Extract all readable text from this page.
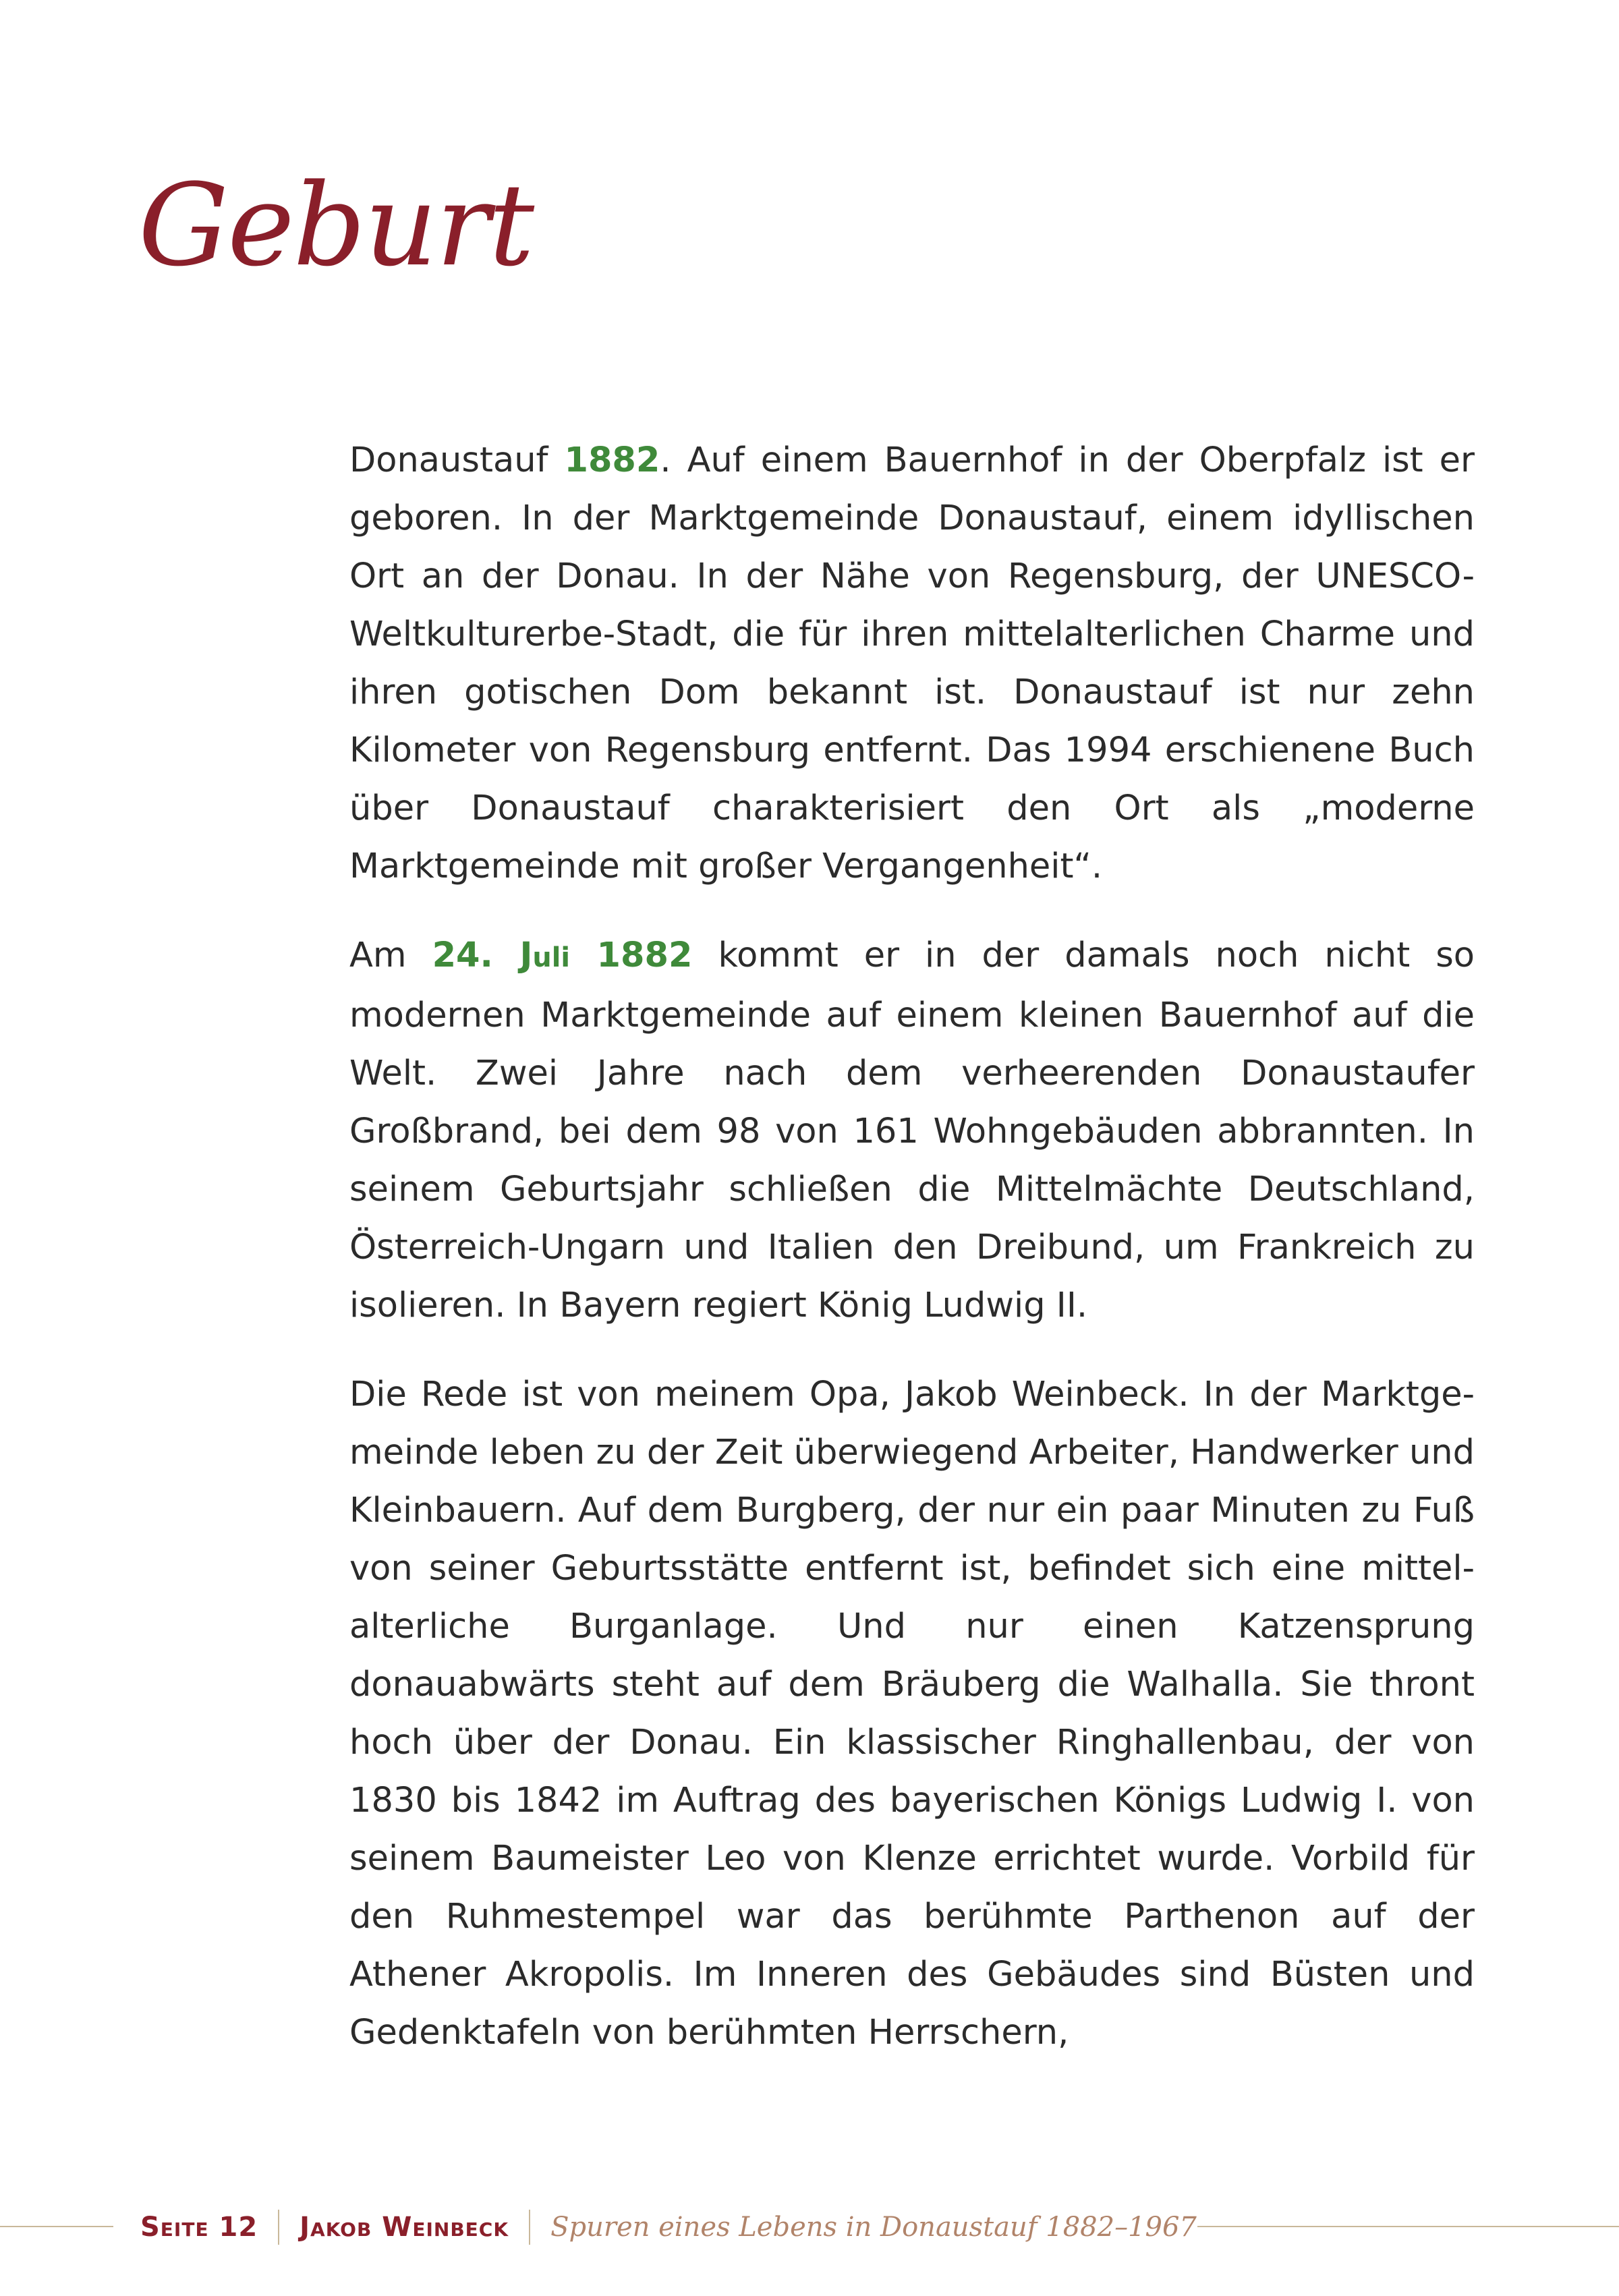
Geburt

Donaustauf 1882. Auf einem Bauernhof in der Oberpfalz ist er geboren. In der Marktgemeinde Donaustauf, einem idyllischen Ort an der Donau. In der Nähe von Regensburg, der UNESCO-Weltkulturerbe-Stadt, die für ihren mittelalterlichen Charme und ihren gotischen Dom bekannt ist. Donaustauf ist nur zehn Kilometer von Regensburg entfernt. Das 1994 erschienene Buch über Donaustauf charakterisiert den Ort als „moderne Marktgemeinde mit großer Vergangenheit“.

Am 24. Juli 1882 kommt er in der damals noch nicht so modernen Marktgemeinde auf einem kleinen Bauernhof auf die Welt. Zwei Jahre nach dem verheerenden Donaustaufer Großbrand, bei dem 98 von 161 Wohngebäuden abbrannten. In seinem Geburtsjahr schließen die Mittelmächte Deutschland, Österreich-Ungarn und Italien den Dreibund, um Frankreich zu isolieren. In Bayern regiert König Ludwig II.

Die Rede ist von meinem Opa, Jakob Weinbeck. In der Marktgemeinde leben zu der Zeit überwiegend Arbeiter, Handwerker und Kleinbauern. Auf dem Burgberg, der nur ein paar Minuten zu Fuß von seiner Geburtsstätte entfernt ist, befindet sich eine mittelalterliche Burganlage. Und nur einen Katzensprung donauabwärts steht auf dem Bräuberg die Walhalla. Sie thront hoch über der Donau. Ein klassischer Ringhallenbau, der von 1830 bis 1842 im Auftrag des bayerischen Königs Ludwig I. von seinem Baumeister Leo von Klenze errichtet wurde. Vorbild für den Ruhmestempel war das berühmte Parthenon auf der Athener Akropolis. Im Inneren des Gebäudes sind Büsten und Gedenktafeln von berühmten Herrschern,

Seite 12 Jakob Weinbeck Spuren eines Lebens in Donaustauf 1882–1967
